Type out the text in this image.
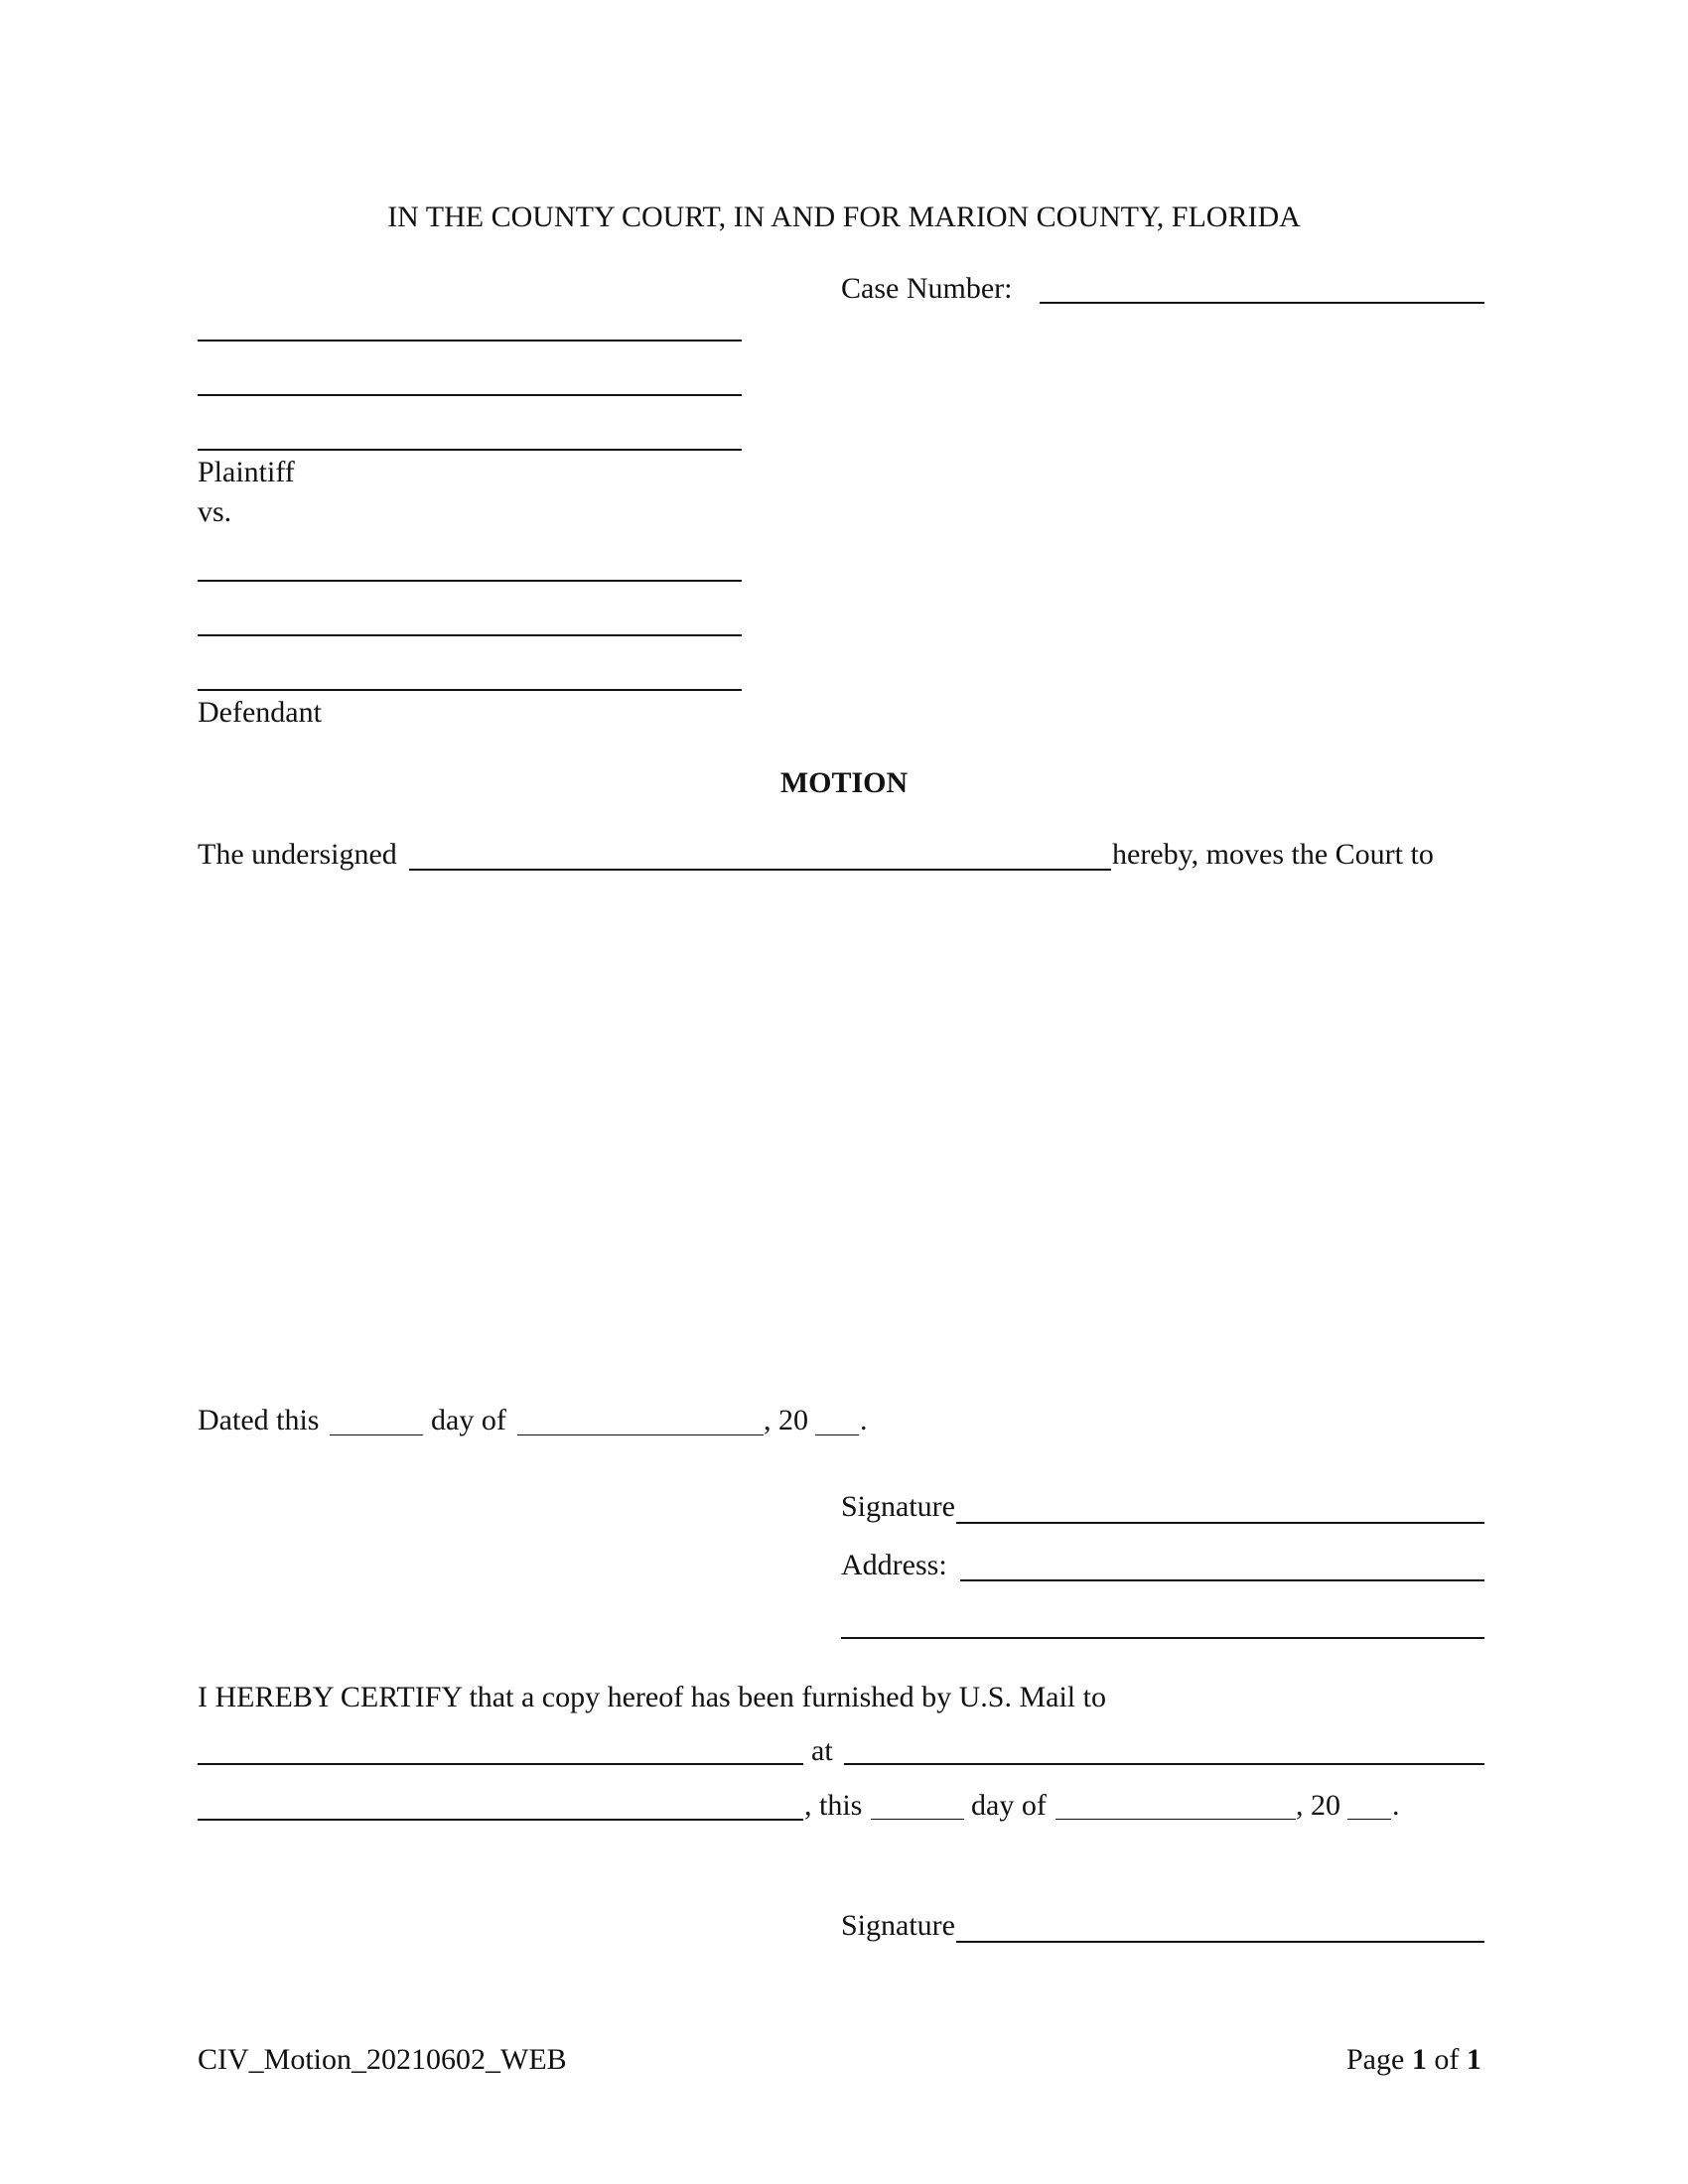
IN THE COUNTY COURT, IN AND FOR MARION COUNTY, FLORIDA
Case Number:
Plaintiff
vs.
Defendant
MOTION
The undersigned	hereby, moves the Court to
Dated this	day of	, 20 .
Signature
Address:
I HEREBY CERTIFY that a copy hereof has been furnished by U.S. Mail to
at
, this	day of	, 20 .
Signature
CIV_Motion_20210602_WEB	Page 1 of 1
